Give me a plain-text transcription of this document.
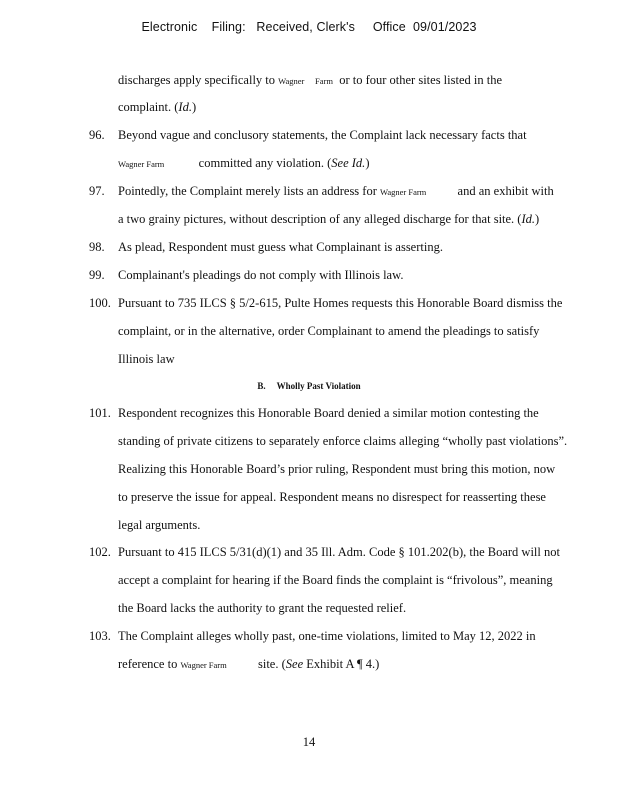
Electronic    Filing:   Received, Clerk's     Office  09/01/2023
discharges apply specifically to Wagner     Farm  or to four other sites listed in the
complaint. (Id.)
96. Beyond vague and conclusory statements, the Complaint lack necessary facts that
Wagner Farm           committed any violation. (See Id.)
97. Pointedly, the Complaint merely lists an address for Wagner Farm          and an exhibit with
a two grainy pictures, without description of any alleged discharge for that site. (Id.)
98. As plead, Respondent must guess what Complainant is asserting.
99. Complainant's pleadings do not comply with Illinois law.
100. Pursuant to 735 ILCS § 5/2-615, Pulte Homes requests this Honorable Board dismiss the
complaint, or in the alternative, order Complainant to amend the pleadings to satisfy
Illinois law
B.     Wholly Past Violation
101. Respondent recognizes this Honorable Board denied a similar motion contesting the
standing of private citizens to separately enforce claims alleging “wholly past violations”.
Realizing this Honorable Board’s prior ruling, Respondent must bring this motion, now
to preserve the issue for appeal. Respondent means no disrespect for reasserting these
legal arguments.
102. Pursuant to 415 ILCS 5/31(d)(1) and 35 Ill. Adm. Code § 101.202(b), the Board will not
accept a complaint for hearing if the Board finds the complaint is “frivolous”, meaning
the Board lacks the authority to grant the requested relief.
103. The Complaint alleges wholly past, one-time violations, limited to May 12, 2022 in
reference to Wagner Farm          site. (See Exhibit A ¶ 4.)
14
